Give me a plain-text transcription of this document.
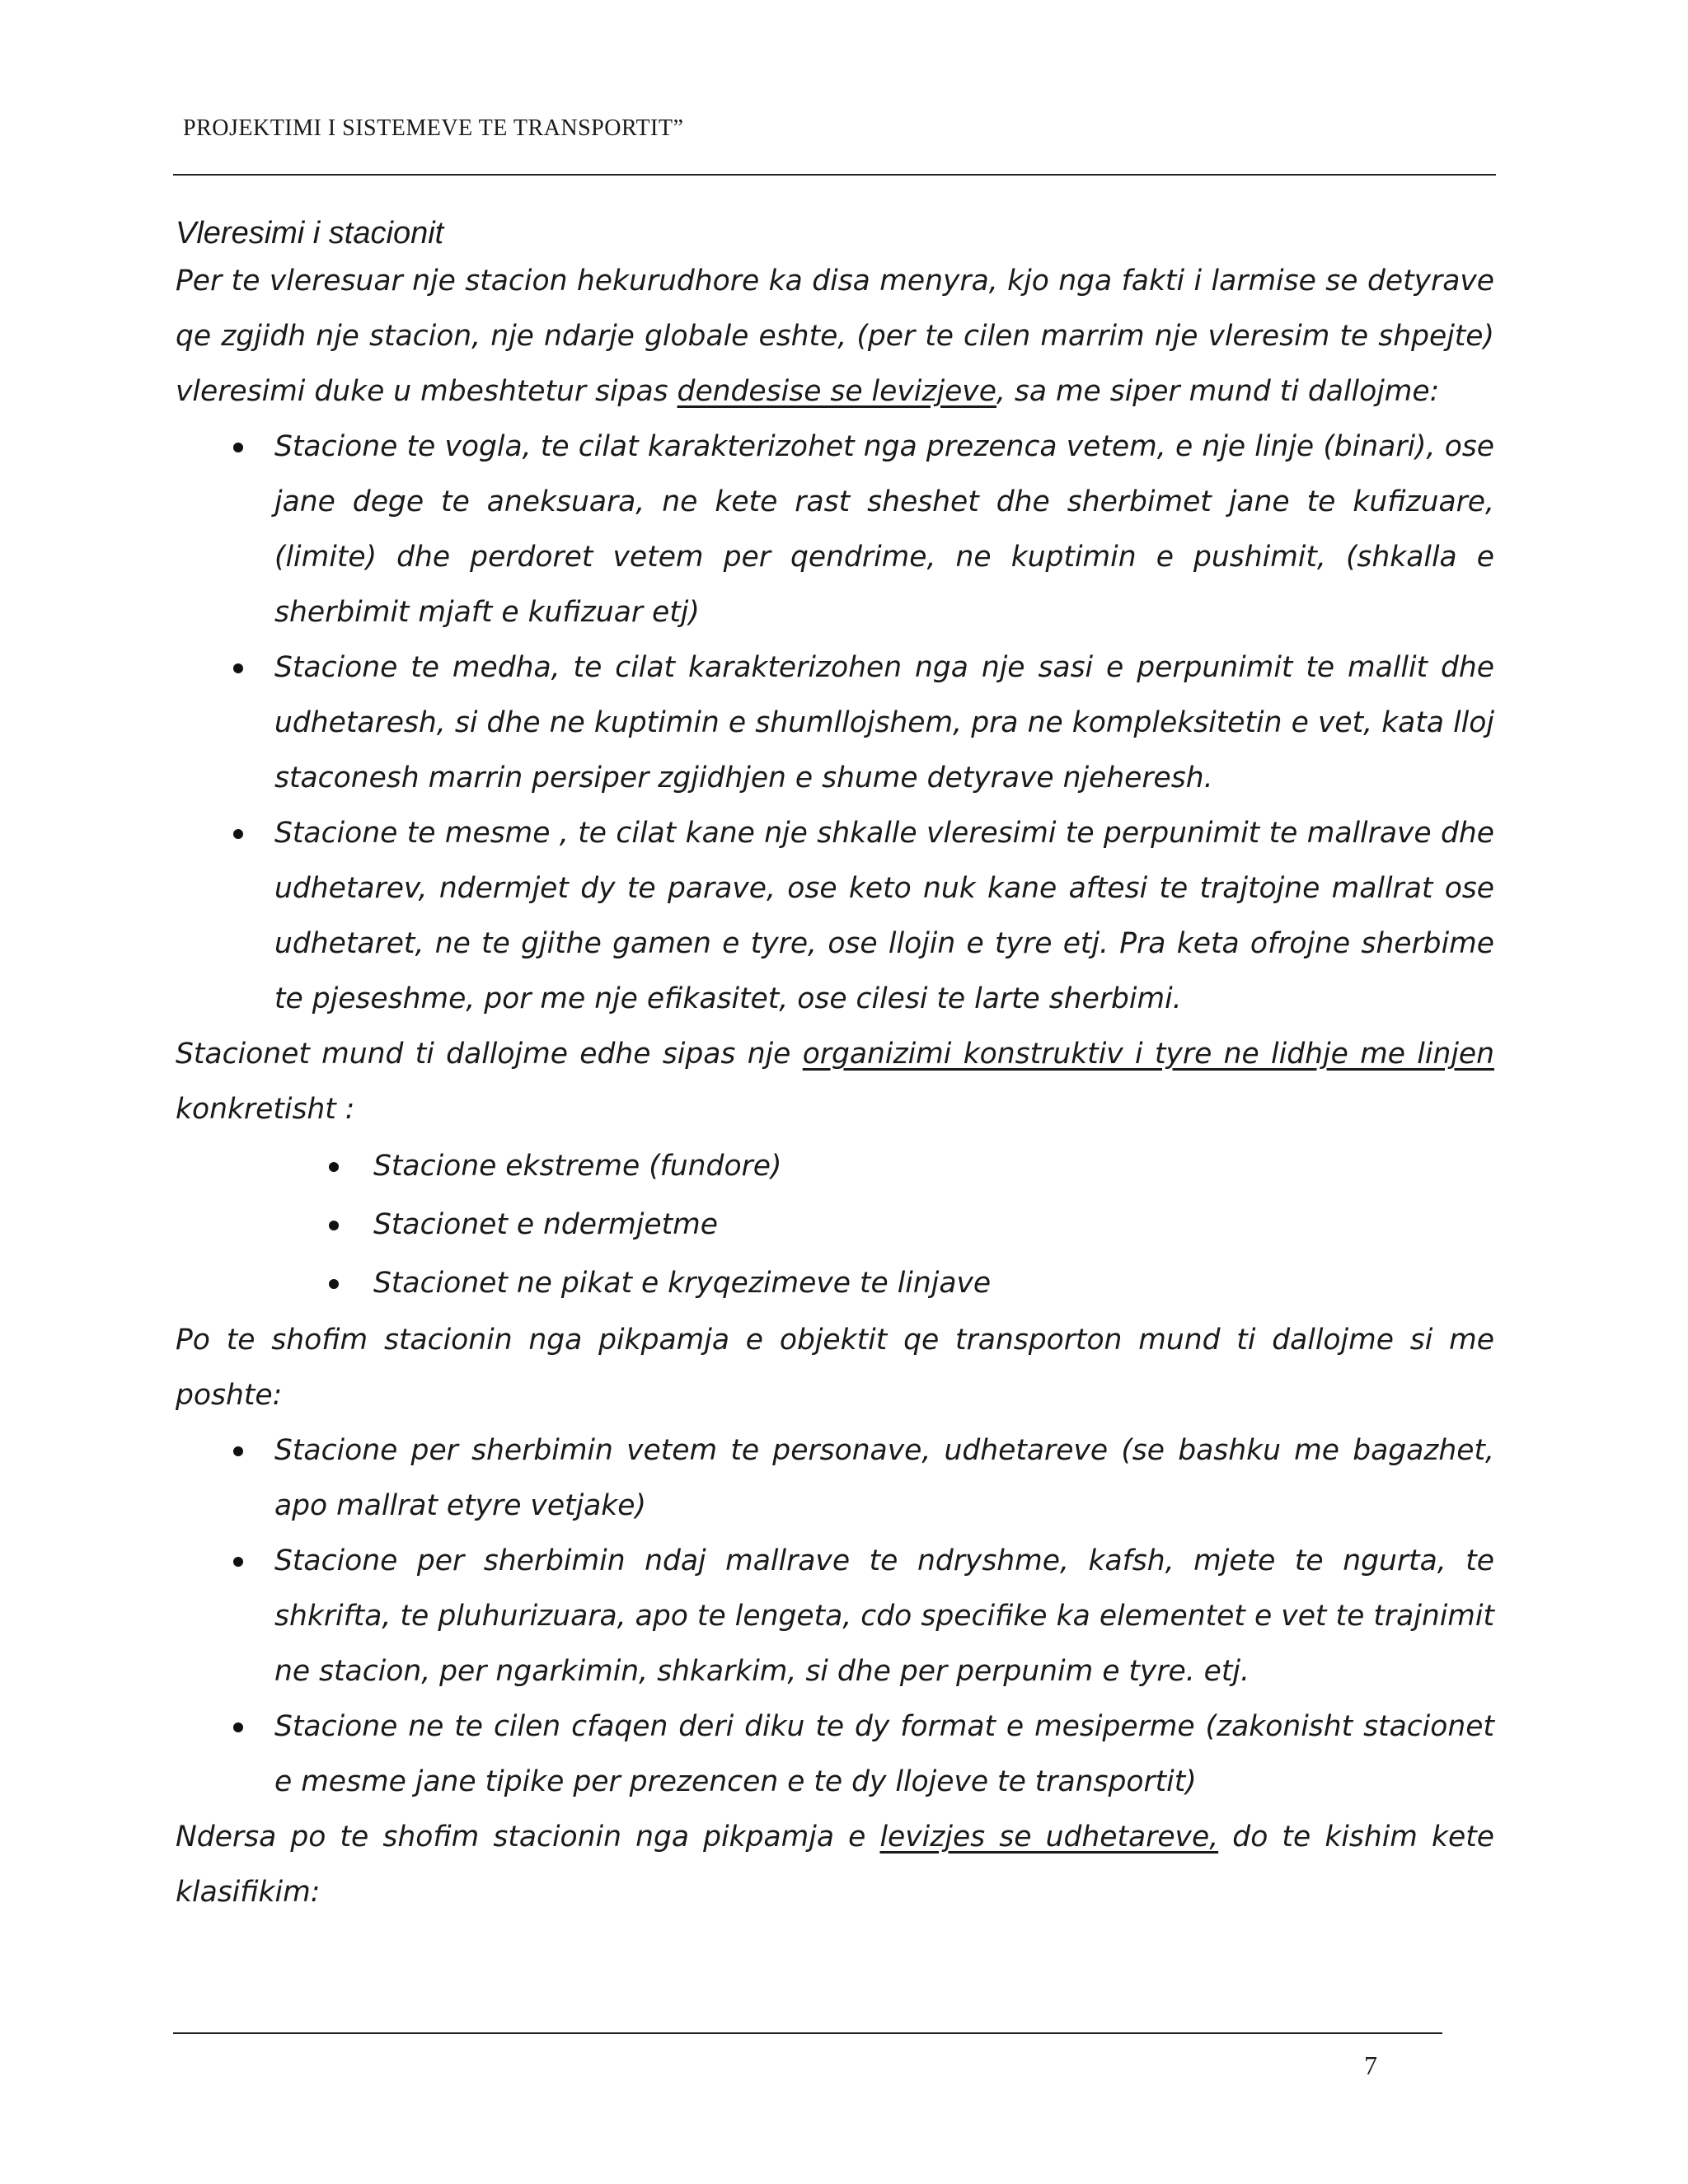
PROJEKTIMI I SISTEMEVE TE TRANSPORTIT”
Vleresimi i stacionit

Per te vleresuar nje stacion hekurudhore ka disa menyra, kjo nga fakti i larmise se detyrave qe zgjidh nje stacion, nje ndarje globale eshte, (per te cilen marrim nje vleresim te shpejte) vleresimi duke u mbeshtetur sipas dendesise se levizjeve, sa me siper mund ti dallojme:

Stacione te vogla, te cilat karakterizohet nga prezenca vetem, e nje linje (binari), ose jane dege te aneksuara, ne kete rast sheshet dhe sherbimet jane te kufizuare, (limite) dhe perdoret vetem per qendrime, ne kuptimin e pushimit, (shkalla e sherbimit mjaft e kufizuar etj)
Stacione te medha, te cilat karakterizohen nga nje sasi e perpunimit te mallit dhe udhetaresh, si dhe ne kuptimin e shumllojshem, pra ne kompleksitetin e vet, kata lloj staconesh marrin persiper zgjidhjen e shume detyrave njeheresh.
Stacione te mesme , te cilat kane nje shkalle vleresimi te perpunimit te mallrave dhe udhetarev, ndermjet dy te parave, ose keto nuk kane aftesi te trajtojne mallrat ose udhetaret, ne te gjithe gamen e tyre, ose llojin e tyre etj. Pra keta ofrojne sherbime te pjeseshme, por me nje efikasitet, ose cilesi te larte sherbimi.

Stacionet mund ti dallojme edhe sipas nje organizimi konstruktiv i tyre ne lidhje me linjen konkretisht :

Stacione ekstreme (fundore)
Stacionet e ndermjetme
Stacionet ne pikat e kryqezimeve te linjave

Po te shofim stacionin nga pikpamja e objektit qe transporton mund ti dallojme si me poshte:

Stacione per sherbimin vetem te personave, udhetareve (se bashku me bagazhet, apo mallrat etyre vetjake)
Stacione per sherbimin ndaj mallrave te ndryshme, kafsh, mjete te ngurta, te shkrifta, te pluhurizuara, apo te lengeta, cdo specifike ka elementet e vet te trajnimit ne stacion, per ngarkimin, shkarkim, si dhe per perpunim e tyre. etj.
Stacione ne te cilen cfaqen deri diku te dy format e mesiperme (zakonisht stacionet e mesme jane tipike per prezencen e te dy llojeve te transportit)

Ndersa po te shofim stacionin nga pikpamja e levizjes se udhetareve, do te kishim kete klasifikim:

7
